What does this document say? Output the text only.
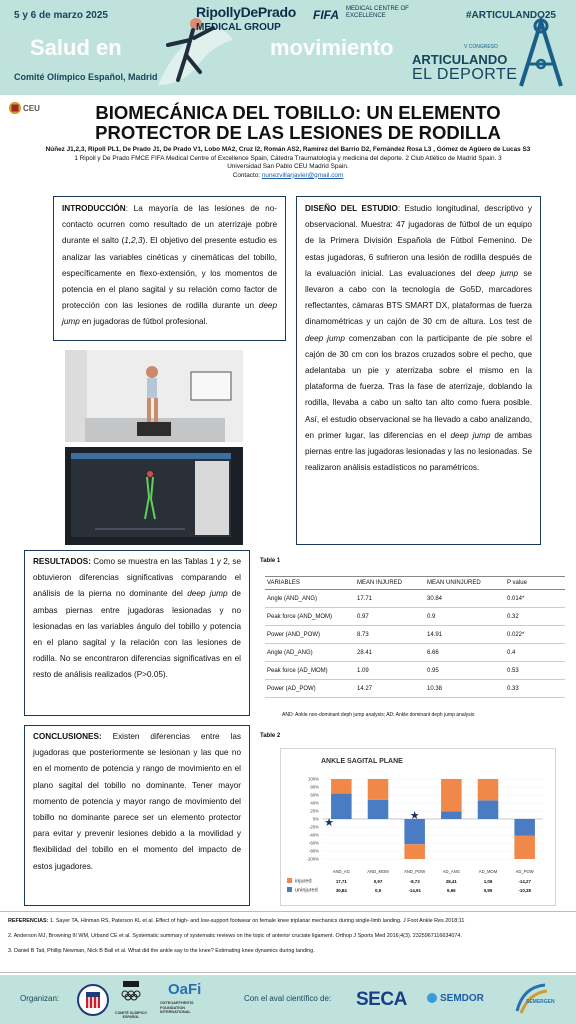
5 y 6 de marzo 2025	#ARTICULANDO25
RipollyDePrado
MEDICAL GROUP
FIFA MEDICAL CENTRE OF EXCELLENCE
Salud en	movimiento
Comité Olímpico Español, Madrid
V CONGRESO
ARTICULANDO
EL DEPORTE
CEU	BIOMECÁNICA DEL TOBILLO: UN ELEMENTO PROTECTOR DE LAS LESIONES DE RODILLA
Núñez J1,2,3, Ripoll PL1, De Prado J1, De Prado V1, Lobo MA2, Cruz I2, Román AS2, Ramírez del Barrio D2, Fernández Rosa L3 , Gómez de Agüero de Lucas S3
1 Ripoll y De Prado FMCE FIFA Medical Centre of Excellence Spain, Cátedra Traumatología y medicina del deporte. 2 Club Atlético de Madrid Spain. 3
Universidad San Pablo CEU Madrid Spain.
Contacto: nunezvillarjavier@gmail.com
INTRODUCCIÓN: La mayoría de las lesiones de no-contacto ocurren como resultado de un aterrizaje pobre durante el salto (1,2,3). El objetivo del presente estudio es analizar las variables cinéticas y cinemáticas del tobillo, específicamente en flexo-extensión, y los momentos de potencia en el plano sagital y su relación como factor de protección con las lesiones de rodilla durante un deep jump en jugadoras de fútbol profesional.
DISEÑO DEL ESTUDIO: Estudio longitudinal, descriptivo y observacional. Muestra: 47 jugadoras de fútbol de un equipo de la Primera División Española de Fútbol Femenino. De estas jugadoras, 6 sufrieron una lesión de rodilla después de la evaluación inicial. Las evaluaciones del deep jump se llevaron a cabo con la tecnología de Go5D, marcadores reflectantes, cámaras BTS SMART DX, plataformas de fuerza dinamométricas y un cajón de 30 cm de altura. Los test de deep jump comenzaban con la participante de pie sobre el cajón de 30 cm con los brazos cruzados sobre el pecho, que adelantaba un pie y aterrizaba sobre el mismo en la plataforma de fuerza. Tras la fase de aterrizaje, doblando la rodilla, llevaba a cabo un salto tan alto como fuera posible. Así, el estudio observacional se ha llevado a cabo analizando, en primer lugar, las diferencias en el deep jump de ambas piernas entre las jugadoras lesionadas y las no lesionadas. Se realizaron análisis estadísticos no paramétricos.
RESULTADOS: Como se muestra en las Tablas 1 y 2, se obtuvieron diferencias significativas comparando el análisis de la pierna no dominante del deep jump de ambas piernas entre jugadoras lesionadas y no lesionadas en las variables ángulo del tobillo y potencia en el plano sagital y la relación con las lesiones de rodilla. No se encontraron diferencias significativas en el resto de análisis realizados (P>0.05).
CONCLUSIONES: Existen diferencias entre las jugadoras que posteriormente se lesionan y las que no en el momento de potencia y rango de movimiento en el plano sagital del tobillo no dominante. Tener mayor momento de potencia y mayor rango de movimiento del tobillo no dominante parece ser un elemento protector para evitar y prevenir lesiones debido a la movilidad y flexibilidad del tobillo en el momento del impacto de estos jugadores.
Table 1
VARIABLES	MEAN INJURED	MEAN UNINJURED	P value
Angle (AND_ANG)	17.71	30.84	0.014*
Peak force (AND_MOM)	0.97	0.9	0.32
Power (AND_POW)	8.73	14.91	0.022*
Angle (AD_ANG)	28.41	6.66	0.4
Peak force (AD_MOM)	1.09	0.95	0.53
Power (AD_POW)	14.27	10.38	0.33
AND: Ankle non-dominant deph jump analysis; AD: Ankle dominant deph jump analysis
Table 2
ANKLE SAGITAL PLANE
100%
80%
60%
40%
20%
0%
-20%
-40%
-60%
-80%
-100%
★
AND_AG
17,71
30,84
AND_MOM
0,97
0,9
★
AND_POW
-8,73
-14,91
AD_ANG
28,41
6,66
AD_MOM
1,09
0,95
AD_POW
-14,27
-10,38
injured
uninjured
REFERENCIAS: 1. Sayer TA, Hinman RS, Paterson KL et al. Effect of high- and low-support footwear on female knee triplanar mechanics during single-limb landing. J Foot Ankle Res 2018;11
2. Anderson MJ, Browning III WM, Urband CE et al. Systematic summary of systematic reviews on the topic of anterior cruciate ligament. Orthop J Sports Med 2016;4(3). 2325967116634074.
3. Daniel B Tait, Phillip Newman, Nick B Ball et al. What did the ankle say to the knee? Estimating knee dynamics during landing.
Organizan:
COMITÉ OLÍMPICO ESPAÑOL
OaFi
OSTEOARTHRITIS FOUNDATION INTERNATIONAL
Con el aval científico de: SECA	SEMDOR	SEMERGEN
